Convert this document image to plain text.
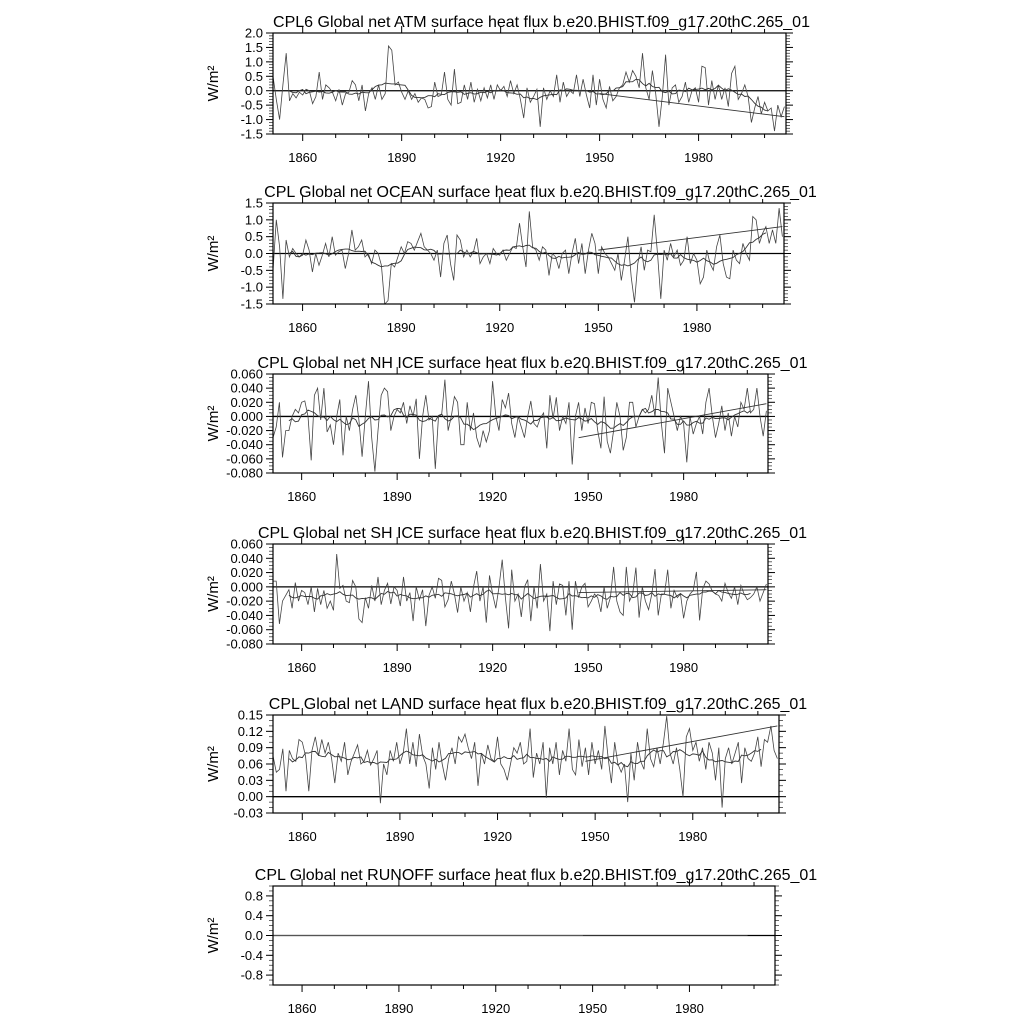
CPL6 Global net ATM surface heat flux b.e20.BHIST.f09_g17.20thC.265_01
W/m²
1860	1890	1920	1950	1980
-1.5
-1.0
-0.5
0.0
0.5
1.0
1.5
2.0
CPL Global net OCEAN surface heat flux b.e20.BHIST.f09_g17.20thC.265_01
W/m²
1860	1890	1920	1950	1980
-1.5
-1.0
-0.5
0.0
0.5
1.0
1.5
CPL Global net NH ICE surface heat flux b.e20.BHIST.f09_g17.20thC.265_01
W/m²
1860	1890	1920	1950	1980
-0.080
-0.060
-0.040
-0.020
0.000
0.020
0.040
0.060
CPL Global net SH ICE surface heat flux b.e20.BHIST.f09_g17.20thC.265_01
W/m²
1860	1890	1920	1950	1980
-0.080
-0.060
-0.040
-0.020
0.000
0.020
0.040
0.060
CPL Global net LAND surface heat flux b.e20.BHIST.f09_g17.20thC.265_01
W/m²
1860	1890	1920	1950	1980
-0.03
0.00
0.03
0.06
0.09
0.12
0.15
CPL Global net RUNOFF surface heat flux b.e20.BHIST.f09_g17.20thC.265_01
W/m²
1860	1890	1920	1950	1980
-0.8
-0.4
0.0
0.4
0.8
